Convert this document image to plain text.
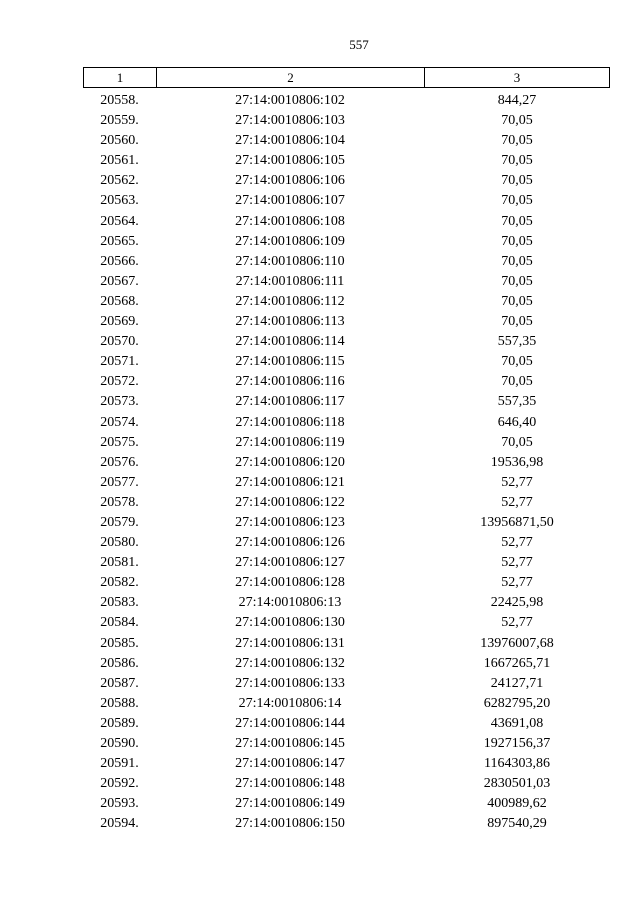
557
1	2	3
20558.	27:14:0010806:102	844,27
20559.	27:14:0010806:103	70,05
20560.	27:14:0010806:104	70,05
20561.	27:14:0010806:105	70,05
20562.	27:14:0010806:106	70,05
20563.	27:14:0010806:107	70,05
20564.	27:14:0010806:108	70,05
20565.	27:14:0010806:109	70,05
20566.	27:14:0010806:110	70,05
20567.	27:14:0010806:111	70,05
20568.	27:14:0010806:112	70,05
20569.	27:14:0010806:113	70,05
20570.	27:14:0010806:114	557,35
20571.	27:14:0010806:115	70,05
20572.	27:14:0010806:116	70,05
20573.	27:14:0010806:117	557,35
20574.	27:14:0010806:118	646,40
20575.	27:14:0010806:119	70,05
20576.	27:14:0010806:120	19536,98
20577.	27:14:0010806:121	52,77
20578.	27:14:0010806:122	52,77
20579.	27:14:0010806:123	13956871,50
20580.	27:14:0010806:126	52,77
20581.	27:14:0010806:127	52,77
20582.	27:14:0010806:128	52,77
20583.	27:14:0010806:13	22425,98
20584.	27:14:0010806:130	52,77
20585.	27:14:0010806:131	13976007,68
20586.	27:14:0010806:132	1667265,71
20587.	27:14:0010806:133	24127,71
20588.	27:14:0010806:14	6282795,20
20589.	27:14:0010806:144	43691,08
20590.	27:14:0010806:145	1927156,37
20591.	27:14:0010806:147	1164303,86
20592.	27:14:0010806:148	2830501,03
20593.	27:14:0010806:149	400989,62
20594.	27:14:0010806:150	897540,29
